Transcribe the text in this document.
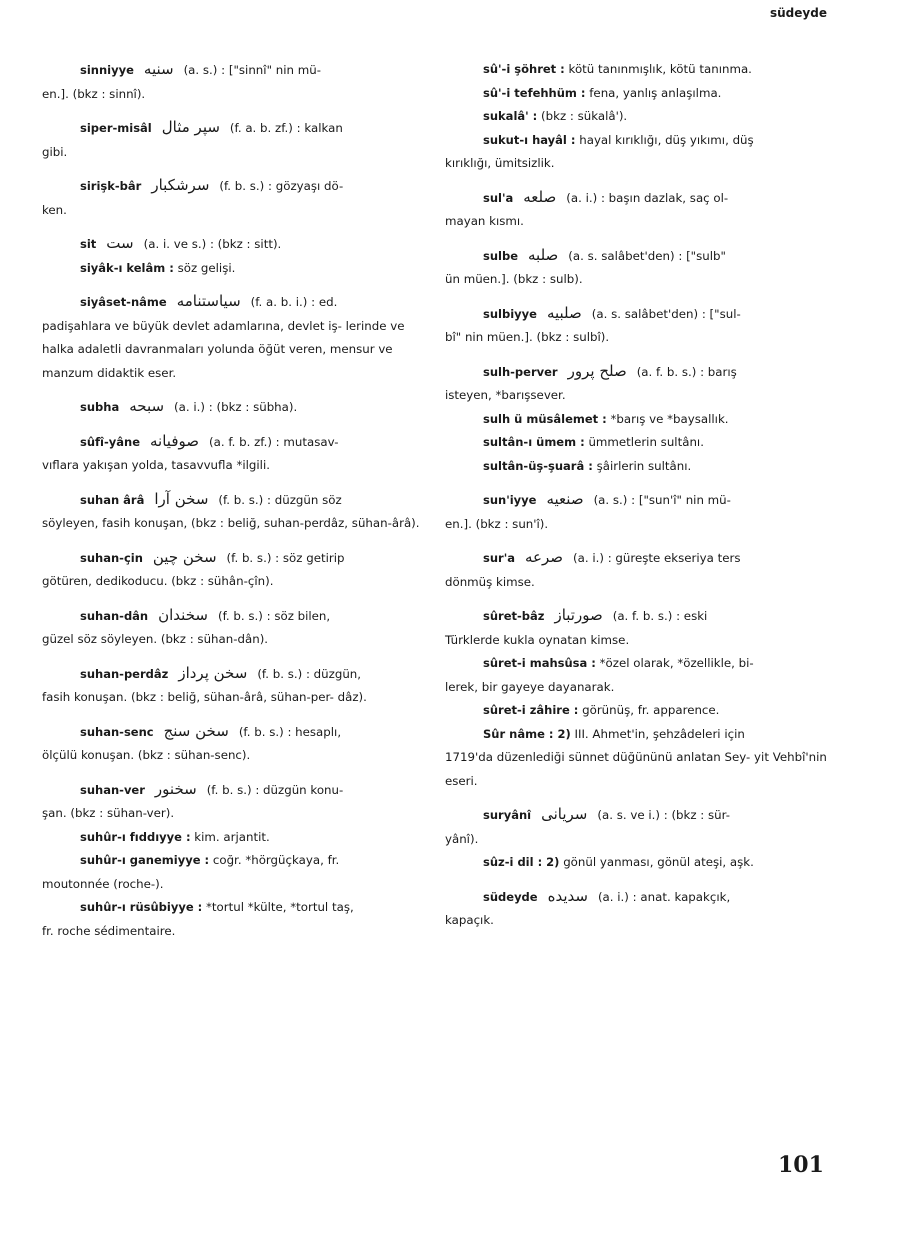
südeyde
sinniyye سنيه (a. s.) : ["sinnî" nin mü-
en.]. (bkz : sinnî).
siper-misâl سپر مثال (f. a. b. zf.) : kalkan
gibi.
sirişk-bâr سرشكبار (f. b. s.) : gözyaşı dö-
ken.
sit ست (a. i. ve s.) : (bkz : sitt).
siyâk-ı kelâm : söz gelişi.
siyâset-nâme سياستنامه (f. a. b. i.) : ed.
padişahlara ve büyük devlet adamlarına, devlet iş- lerinde ve halka adaletli davranmaları yolunda öğüt veren, mensur ve manzum didaktik eser.
subha سبحه (a. i.) : (bkz : sübha).
sûfî-yâne صوفيانه (a. f. b. zf.) : mutasav-
vıflara yakışan yolda, tasavvufla *ilgili.
suhan ârâ سخن آرا (f. b. s.) : düzgün söz
söyleyen, fasih konuşan, (bkz : beliğ, suhan-perdâz, sühan-ârâ).
suhan-çin سخن چين (f. b. s.) : söz getirip
götüren, dedikoducu. (bkz : sühân-çîn).
suhan-dân سخندان (f. b. s.) : söz bilen,
güzel söz söyleyen. (bkz : sühan-dân).
suhan-perdâz سخن پرداز (f. b. s.) : düzgün,
fasih konuşan. (bkz : beliğ, sühan-ârâ, sühan-per- dâz).
suhan-senc سخن سنج (f. b. s.) : hesaplı,
ölçülü konuşan. (bkz : sühan-senc).
suhan-ver سخنور (f. b. s.) : düzgün konu-
şan. (bkz : sühan-ver).
suhûr-ı fıddıyye : kim. arjantit.
suhûr-ı ganemiyye : coğr. *hörgüçkaya, fr.
moutonnée (roche-).
suhûr-ı rüsûbiyye : *tortul *külte, *tortul taş,
fr. roche sédimentaire.
sû'-i şöhret : kötü tanınmışlık, kötü tanınma.
sû'-i tefehhüm : fena, yanlış anlaşılma.
sukalâ' : (bkz : sükalâ').
sukut-ı hayâl : hayal kırıklığı, düş yıkımı, düş
kırıklığı, ümitsizlik.
sul'a صلعه (a. i.) : başın dazlak, saç ol-
mayan kısmı.
sulbe صلبه (a. s. salâbet'den) : ["sulb"
ün müen.]. (bkz : sulb).
sulbiyye صلبيه (a. s. salâbet'den) : ["sul-
bî" nin müen.]. (bkz : sulbî).
sulh-perver صلح پرور (a. f. b. s.) : barış
isteyen, *barışsever.
sulh ü müsâlemet : *barış ve *baysallık.
sultân-ı ümem : ümmetlerin sultânı.
sultân-üş-şuarâ : şâirlerin sultânı.
sun'iyye صنعيه (a. s.) : ["sun'î" nin mü-
en.]. (bkz : sun'î).
sur'a صرعه (a. i.) : güreşte ekseriya ters
dönmüş kimse.
sûret-bâz صورتباز (a. f. b. s.) : eski
Türklerde kukla oynatan kimse.
sûret-i mahsûsa : *özel olarak, *özellikle, bi-
lerek, bir gayeye dayanarak.
sûret-i zâhire : görünüş, fr. apparence.
Sûr nâme : 2) III. Ahmet'in, şehzâdeleri için
1719'da düzenlediği sünnet düğününü anlatan Sey- yit Vehbî'nin eseri.
suryânî سريانى (a. s. ve i.) : (bkz : sür-
yânî).
sûz-i dil : 2) gönül yanması, gönül ateşi, aşk.
südeyde سديده (a. i.) : anat. kapakçık,
kapaçık.
101
